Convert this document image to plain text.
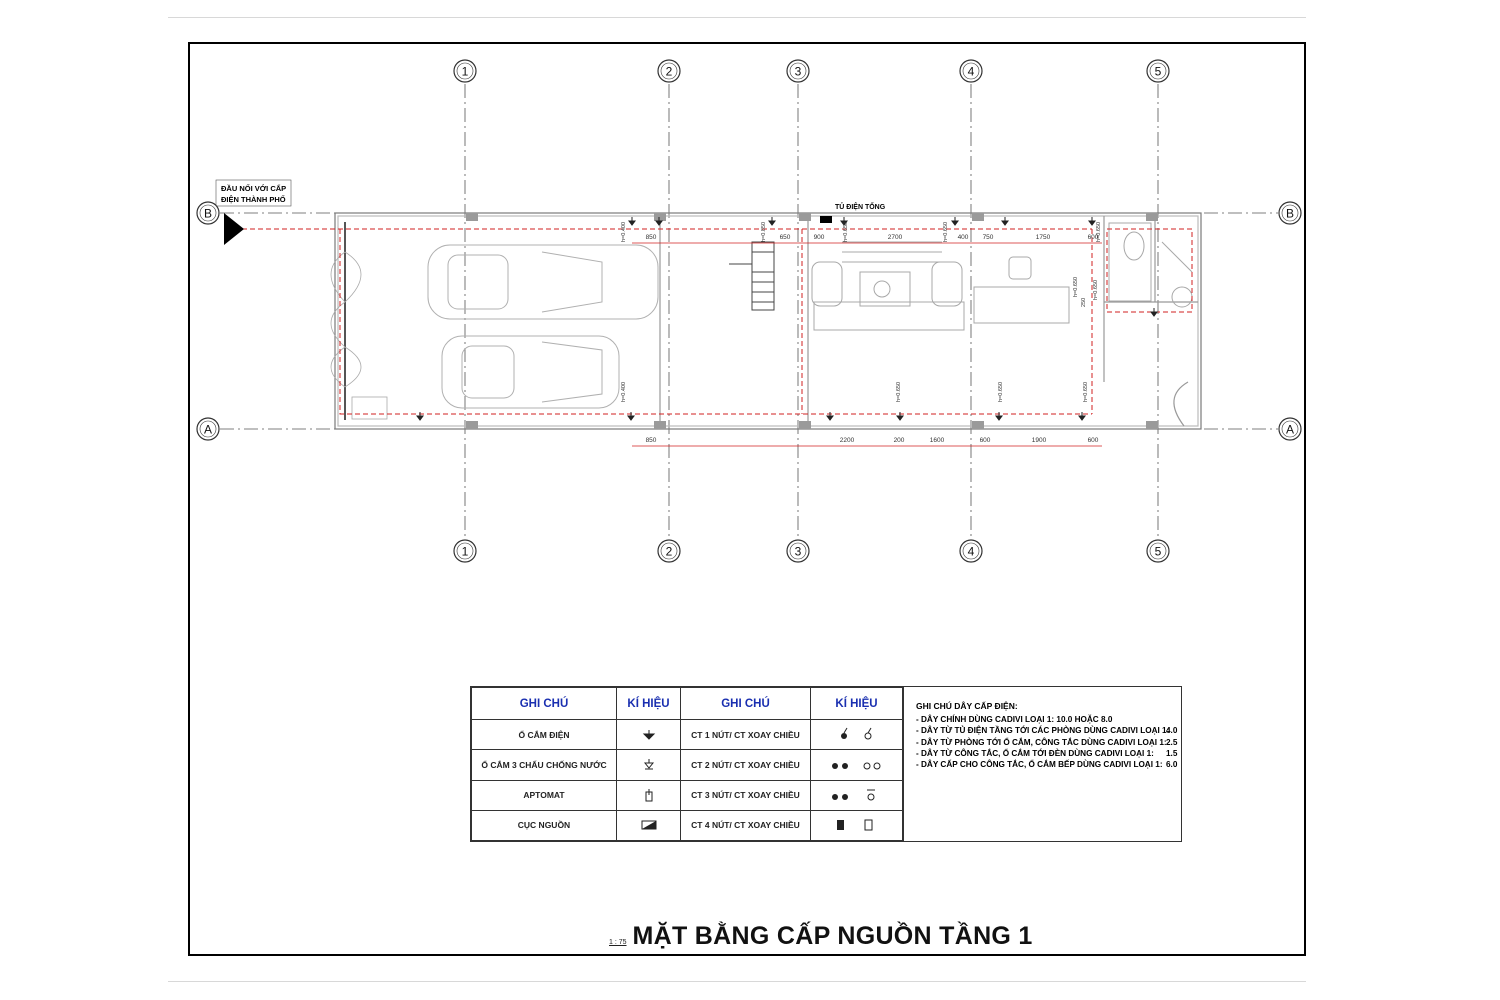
ĐẦU NỐI VỚI CẤP
ĐIỆN THÀNH PHỐ
TỦ ĐIỆN TỔNG
850	650	900	2700	400 750	1750	600
h=0.400	h=0.850	h=0.650	h=0.650	h=0.650
h=0.400	h=0.650	h=0.650	h=0.650
h=0.650	h=0.650
250
850	2200	200	1600	600	1900	600
1
1
2
2
3
3
4
4
5
5
B	B
A	A
GHI CHÚ	KÍ HIỆU	GHI CHÚ	KÍ HIỆU
Ổ CẮM ĐIỆN		CT 1 NÚT/ CT XOAY CHIỀU	
Ổ CẮM 3 CHẤU CHỐNG NƯỚC		CT 2 NÚT/ CT XOAY CHIỀU	
APTOMAT		CT 3 NÚT/ CT XOAY CHIỀU	
CỤC NGUỒN		CT 4 NÚT/ CT XOAY CHIỀU	
GHI CHÚ DÂY CẤP ĐIỆN:
- DÂY CHÍNH DÙNG CADIVI LOẠI 1: 10.0 HOẶC 8.0
- DÂY TỪ TỦ ĐIỆN TẦNG TỚI CÁC PHÒNG DÙNG CADIVI LOẠI 1:
4.0
- DÂY TỪ PHÒNG TỚI Ổ CẮM, CÔNG TẮC DÙNG CADIVI LOẠI 1: 2.5
- DÂY TỪ CÔNG TẮC, Ổ CẮM TỚI ĐÈN DÙNG CADIVI LOẠI 1:	1.5
- DÂY CẤP CHO CÔNG TẮC, Ổ CẮM BẾP DÙNG CADIVI LOẠI 1: 6.0
1 : 75 MẶT BẰNG CẤP NGUỒN TẦNG 1
